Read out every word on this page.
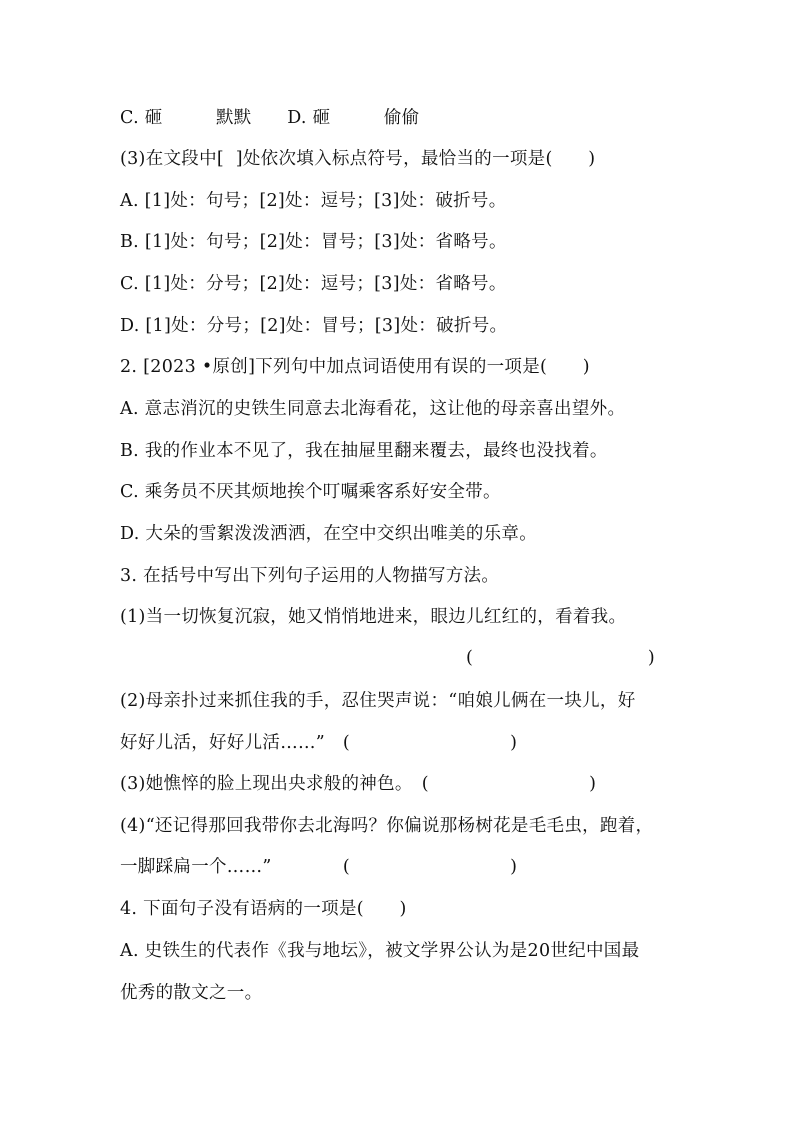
C. 砸　　　默默　　D. 砸　　　偷偷
(3)在文段中[  ]处依次填入标点符号，最恰当的一项是(　　)
A. [1]处：句号；[2]处：逗号；[3]处：破折号。
B. [1]处：句号；[2]处：冒号；[3]处：省略号。
C. [1]处：分号；[2]处：逗号；[3]处：省略号。
D. [1]处：分号；[2]处：冒号；[3]处：破折号。
2. [2023 •原创]下列句中加点词语使用有误的一项是(　　)
A. 意志消沉的史铁生同意去北海看花，这让他的母亲喜出望外。
B. 我的作业本不见了，我在抽屉里翻来覆去，最终也没找着。
C. 乘务员不厌其烦地挨个叮嘱乘客系好安全带。
D. 大朵的雪絮泼泼洒洒，在空中交织出唯美的乐章。
3. 在括号中写出下列句子运用的人物描写方法。
(1)当一切恢复沉寂，她又悄悄地进来，眼边儿红红的，看着我。
(　　　　　　　　　　)
(2)母亲扑过来抓住我的手，忍住哭声说：“咱娘儿俩在一块儿，好
好好儿活，好好儿活……”　(　　　　　　　　　)
(3)她憔悴的脸上现出央求般的神色。　(　　　　　　　　　)
(4)“还记得那回我带你去北海吗？你偏说那杨树花是毛毛虫，跑着，
一脚踩扁一个……”　　　　(　　　　　　　　　)
4. 下面句子没有语病的一项是(　　)
A. 史铁生的代表作《我与地坛》，被文学界公认为是20世纪中国最
优秀的散文之一。
